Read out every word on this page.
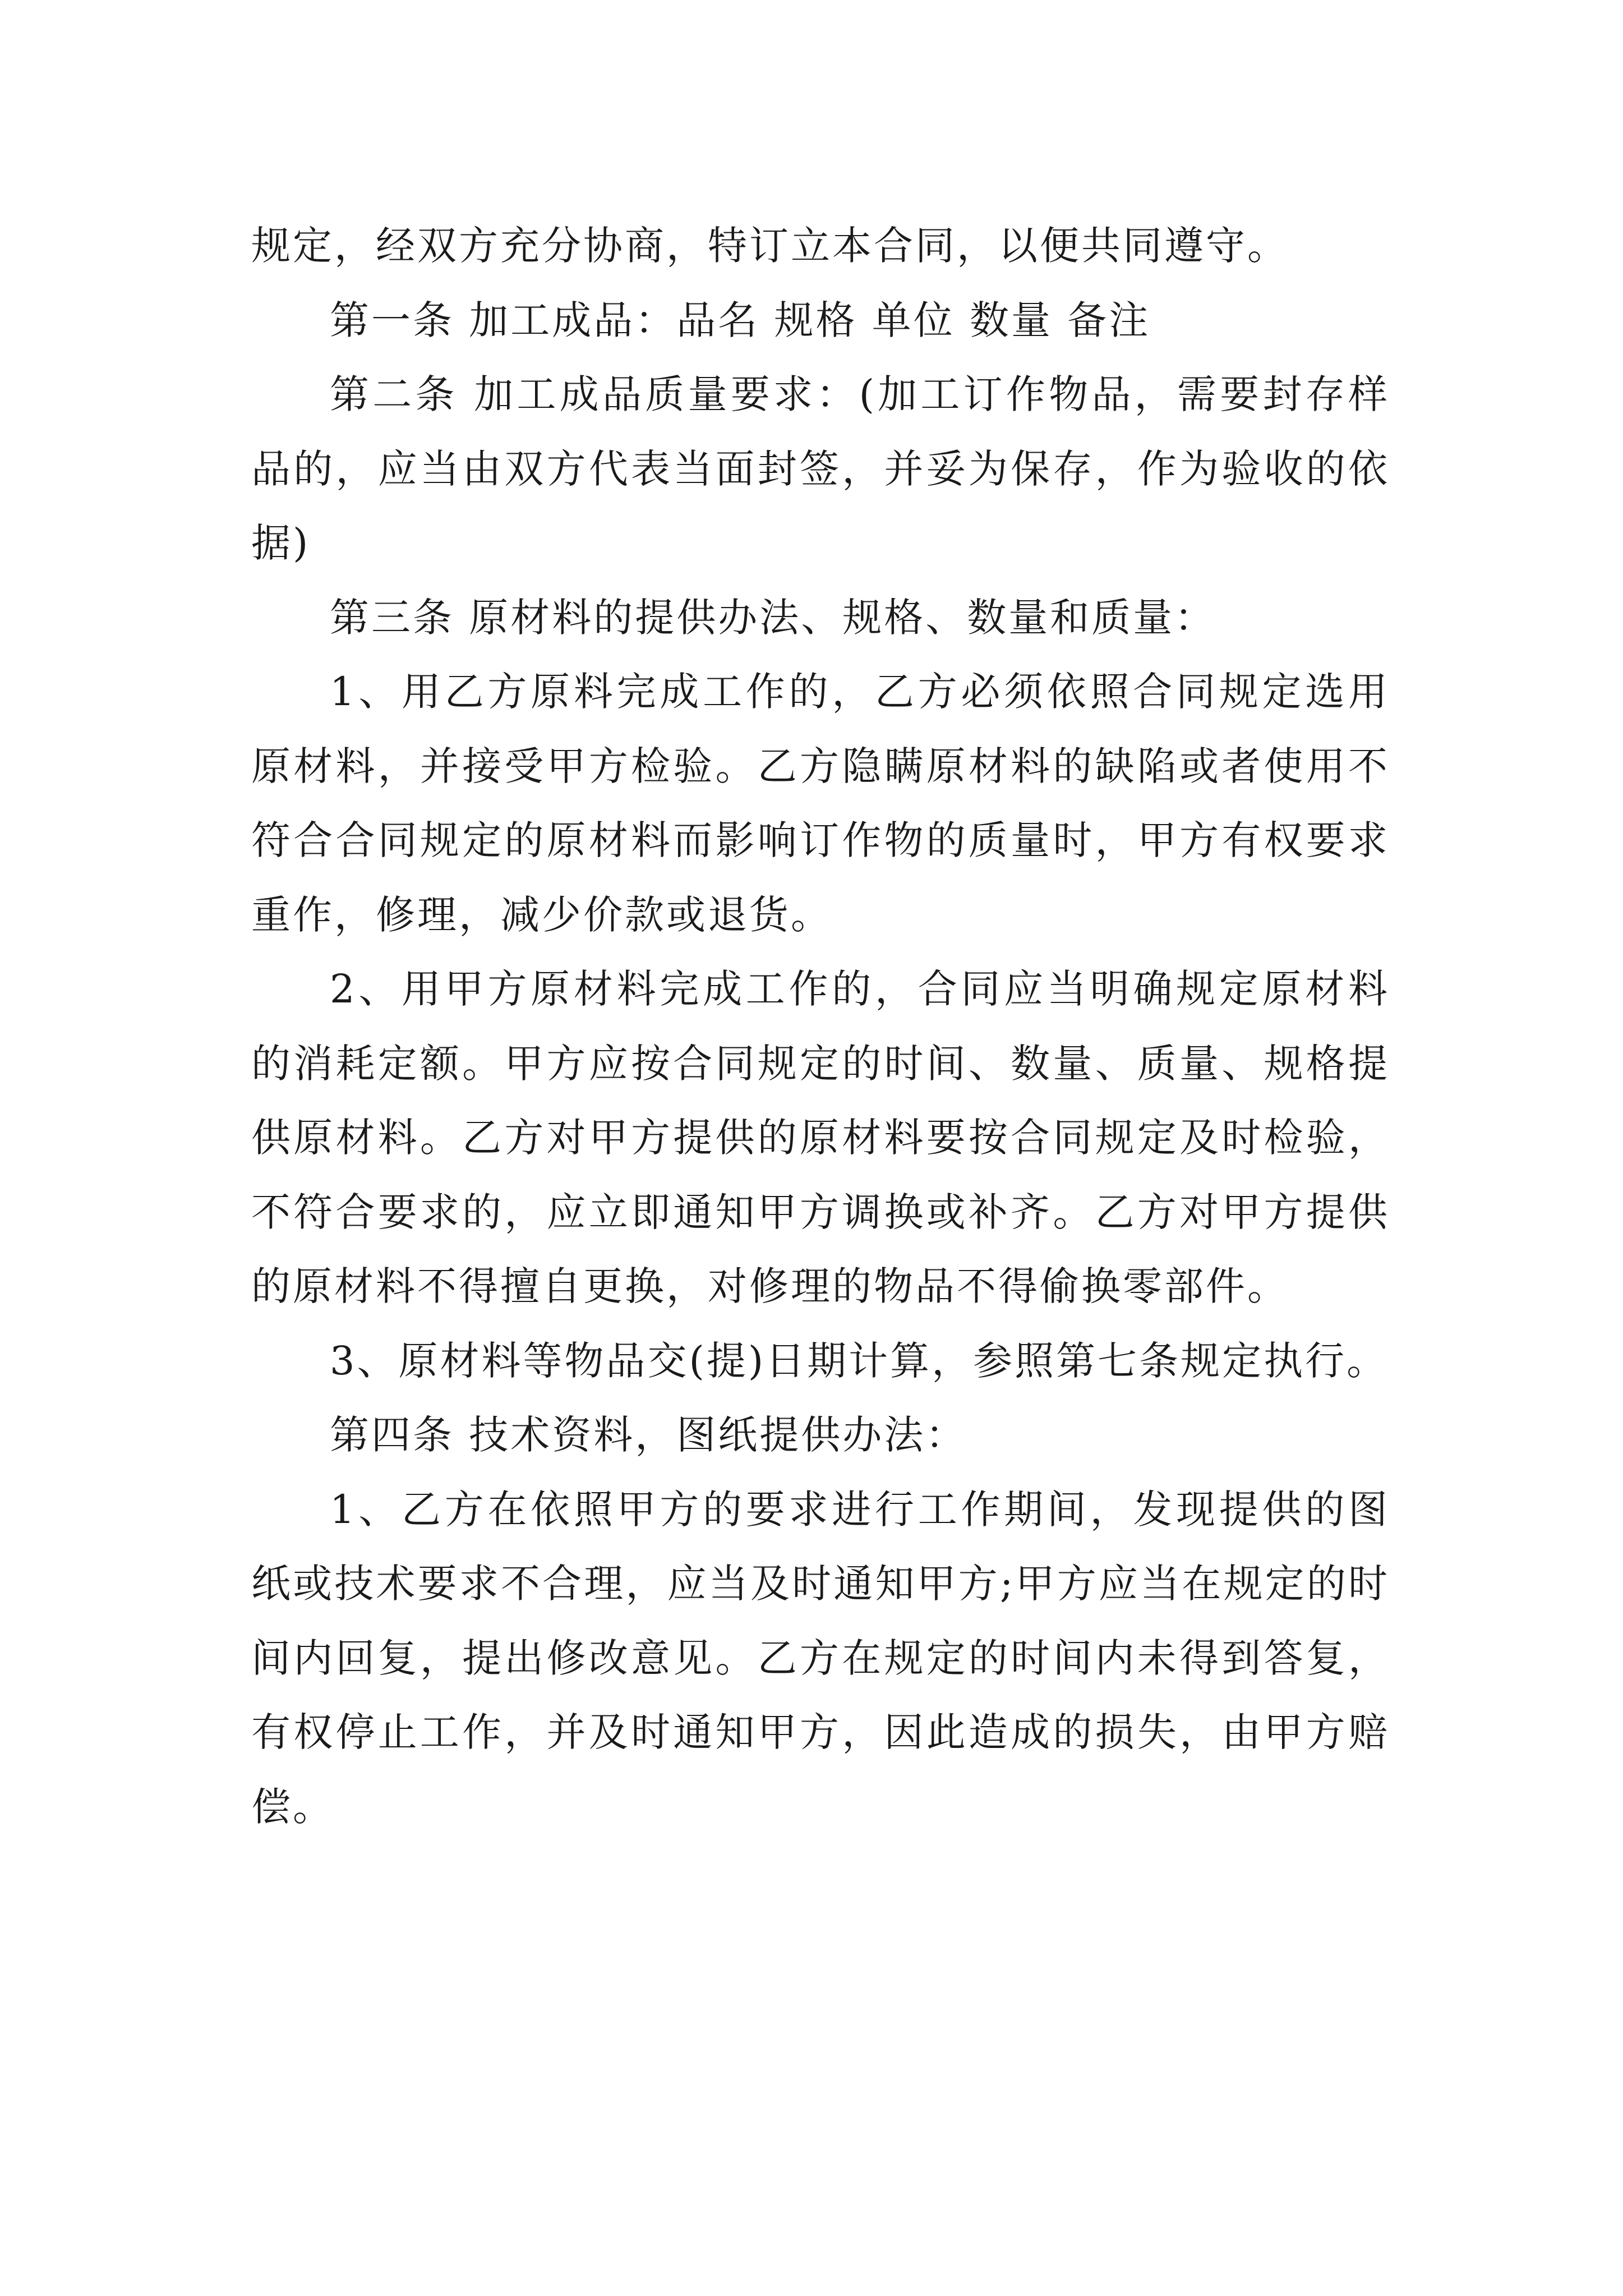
规定，经双方充分协商，特订立本合同，以便共同遵守。

第一条 加工成品：品名 规格 单位 数量 备注

第二条 加工成品质量要求：(加工订作物品，需要封存样品的，应当由双方代表当面封签，并妥为保存，作为验收的依据)

第三条 原材料的提供办法、规格、数量和质量：

1、用乙方原料完成工作的，乙方必须依照合同规定选用原材料，并接受甲方检验。乙方隐瞒原材料的缺陷或者使用不符合合同规定的原材料而影响订作物的质量时，甲方有权要求重作，修理，减少价款或退货。

2、用甲方原材料完成工作的，合同应当明确规定原材料的消耗定额。甲方应按合同规定的时间、数量、质量、规格提供原材料。乙方对甲方提供的原材料要按合同规定及时检验，不符合要求的，应立即通知甲方调换或补齐。乙方对甲方提供的原材料不得擅自更换，对修理的物品不得偷换零部件。

3、原材料等物品交(提)日期计算，参照第七条规定执行。

第四条 技术资料，图纸提供办法：

1、乙方在依照甲方的要求进行工作期间，发现提供的图纸或技术要求不合理，应当及时通知甲方;甲方应当在规定的时间内回复，提出修改意见。乙方在规定的时间内未得到答复，有权停止工作，并及时通知甲方，因此造成的损失，由甲方赔偿。
